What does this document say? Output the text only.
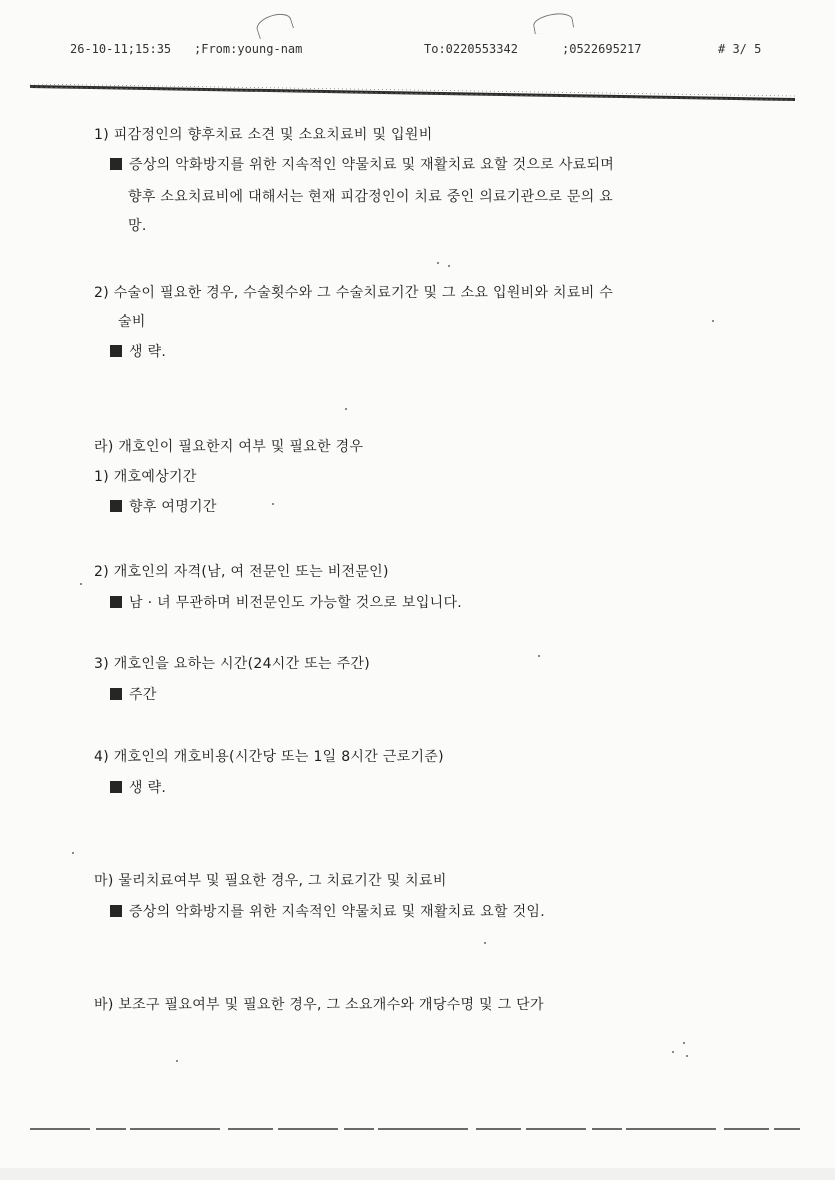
26-10-11;15:35 ;From:young-nam	To:0220553342	;0522695217	# 3/ 5
1) 피감정인의 향후치료 소견 및 소요치료비 및 입원비
증상의 악화방지를 위한 지속적인 약물치료 및 재활치료 요할 것으로 사료되며
향후 소요치료비에 대해서는 현재 피감정인이 치료 중인 의료기관으로 문의 요
망.
2) 수술이 필요한 경우, 수술횟수와 그 수술치료기간 및 그 소요 입원비와 치료비 수
술비
생 략.
라) 개호인이 필요한지 여부 및 필요한 경우
1) 개호예상기간
향후 여명기간
2) 개호인의 자격(남, 여 전문인 또는 비전문인)
남 · 녀 무관하며 비전문인도 가능할 것으로 보입니다.
3) 개호인을 요하는 시간(24시간 또는 주간)
주간
4) 개호인의 개호비용(시간당 또는 1일 8시간 근로기준)
생 략.
마) 물리치료여부 및 필요한 경우, 그 치료기간 및 치료비
증상의 악화방지를 위한 지속적인 약물치료 및 재활치료 요할 것임.
바) 보조구 필요여부 및 필요한 경우, 그 소요개수와 개당수명 및 그 단가
